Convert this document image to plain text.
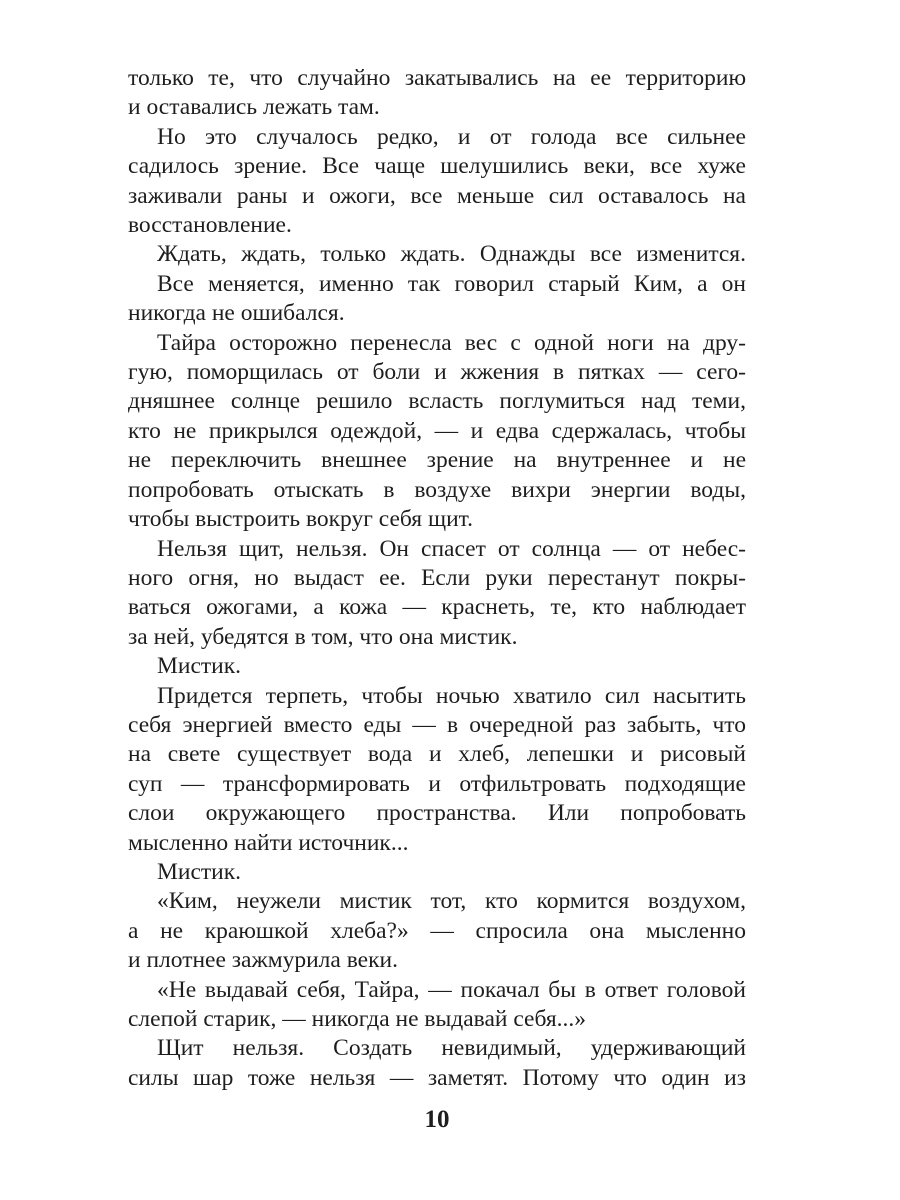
только те, что случайно закатывались на ее территорию
и оставались лежать там.
Но это случалось редко, и от голода все сильнее
садилось зрение. Все чаще шелушились веки, все хуже
заживали раны и ожоги, все меньше сил оставалось на
восстановление.
Ждать, ждать, только ждать. Однажды все изменится.
Все меняется, именно так говорил старый Ким, а он
никогда не ошибался.
Тайра осторожно перенесла вес с одной ноги на дру-
гую, поморщилась от боли и жжения в пятках — сего-
дняшнее солнце решило всласть поглумиться над теми,
кто не прикрылся одеждой, — и едва сдержалась, чтобы
не переключить внешнее зрение на внутреннее и не
попробовать отыскать в воздухе вихри энергии воды,
чтобы выстроить вокруг себя щит.
Нельзя щит, нельзя. Он спасет от солнца — от небес-
ного огня, но выдаст ее. Если руки перестанут покры-
ваться ожогами, а кожа — краснеть, те, кто наблюдает
за ней, убедятся в том, что она мистик.
Мистик.
Придется терпеть, чтобы ночью хватило сил насытить
себя энергией вместо еды — в очередной раз забыть, что
на свете существует вода и хлеб, лепешки и рисовый
суп — трансформировать и отфильтровать подходящие
слои окружающего пространства. Или попробовать
мысленно найти источник...
Мистик.
«Ким, неужели мистик тот, кто кормится воздухом,
а не краюшкой хлеба?» — спросила она мысленно
и плотнее зажмурила веки.
«Не выдавай себя, Тайра, — покачал бы в ответ головой
слепой старик, — никогда не выдавай себя...»
Щит нельзя. Создать невидимый, удерживающий
силы шар тоже нельзя — заметят. Потому что один из
10
